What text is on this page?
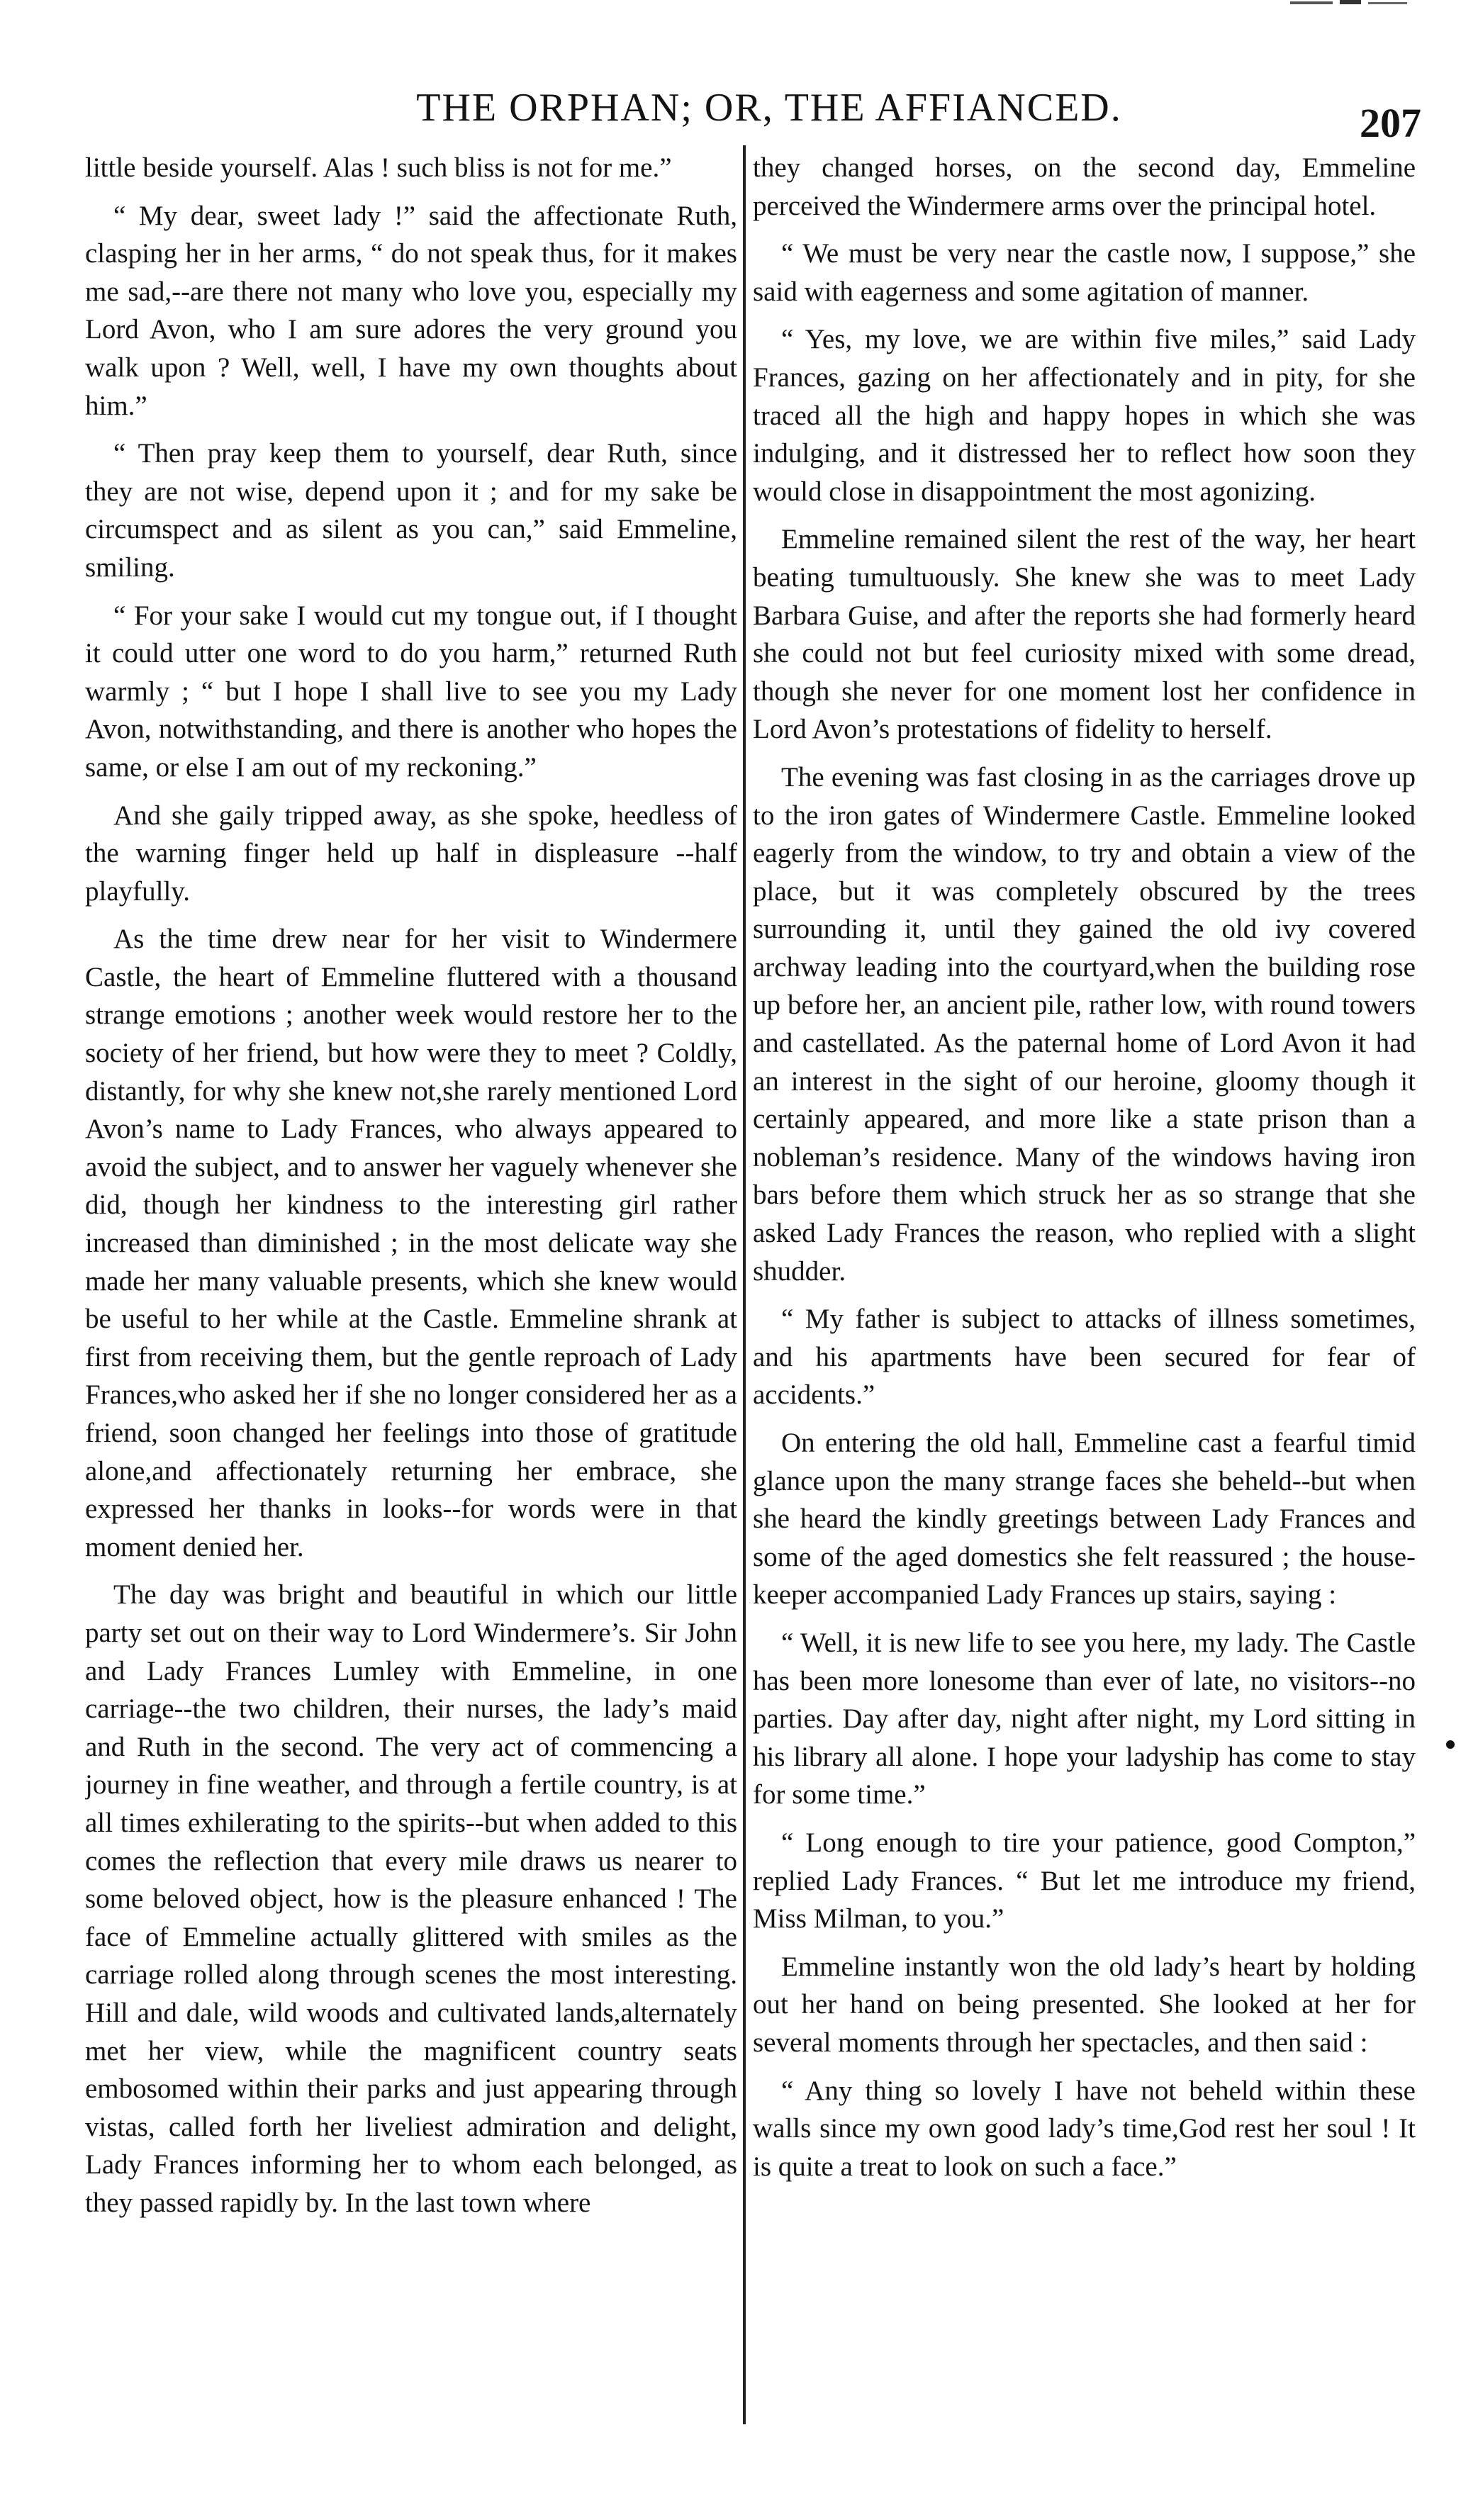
THE ORPHAN; OR, THE AFFIANCED.	207

little beside yourself. Alas ! such bliss is not for me.”

“ My dear, sweet lady !” said the affectionate Ruth, clasping her in her arms, “ do not speak thus, for it makes me sad,--are there not many who love you, especially my Lord Avon, who I am sure adores the very ground you walk upon ? Well, well, I have my own thoughts about him.”

“ Then pray keep them to yourself, dear Ruth, since they are not wise, depend upon it ; and for my sake be circumspect and as silent as you can,” said Emmeline, smiling.

“ For your sake I would cut my tongue out, if I thought it could utter one word to do you harm,” returned Ruth warmly ; “ but I hope I shall live to see you my Lady Avon, notwithstanding, and there is another who hopes the same, or else I am out of my reckoning.”

And she gaily tripped away, as she spoke, heedless of the warning finger held up half in displeasure --half playfully.

As the time drew near for her visit to Windermere Castle, the heart of Emmeline fluttered with a thousand strange emotions ; another week would restore her to the society of her friend, but how were they to meet ? Coldly, distantly, for why she knew not,she rarely mentioned Lord Avon’s name to Lady Frances, who always appeared to avoid the subject, and to answer her vaguely whenever she did, though her kindness to the interesting girl rather increased than diminished ; in the most delicate way she made her many valuable presents, which she knew would be useful to her while at the Castle. Emmeline shrank at first from receiving them, but the gentle reproach of Lady Frances,who asked her if she no longer considered her as a friend, soon changed her feelings into those of gratitude alone,and affectionately returning her embrace, she expressed her thanks in looks--for words were in that moment denied her.

The day was bright and beautiful in which our little party set out on their way to Lord Windermere’s. Sir John and Lady Frances Lumley with Emmeline, in one carriage--the two children, their nurses, the lady’s maid and Ruth in the second. The very act of commencing a journey in fine weather, and through a fertile country, is at all times exhilerating to the spirits--but when added to this comes the reflection that every mile draws us nearer to some beloved object, how is the pleasure enhanced ! The face of Emmeline actually glittered with smiles as the carriage rolled along through scenes the most interesting. Hill and dale, wild woods and cultivated lands,alternately met her view, while the magnificent country seats embosomed within their parks and just appearing through vistas, called forth her liveliest admiration and delight, Lady Frances informing her to whom each belonged, as they passed rapidly by. In the last town where

they changed horses, on the second day, Emmeline perceived the Windermere arms over the principal hotel.

“ We must be very near the castle now, I suppose,” she said with eagerness and some agitation of manner.

“ Yes, my love, we are within five miles,” said Lady Frances, gazing on her affectionately and in pity, for she traced all the high and happy hopes in which she was indulging, and it distressed her to reflect how soon they would close in disappointment the most agonizing.

Emmeline remained silent the rest of the way, her heart beating tumultuously. She knew she was to meet Lady Barbara Guise, and after the reports she had formerly heard she could not but feel curiosity mixed with some dread, though she never for one moment lost her confidence in Lord Avon’s protestations of fidelity to herself.

The evening was fast closing in as the carriages drove up to the iron gates of Windermere Castle. Emmeline looked eagerly from the window, to try and obtain a view of the place, but it was completely obscured by the trees surrounding it, until they gained the old ivy covered archway leading into the courtyard,when the building rose up before her, an ancient pile, rather low, with round towers and castellated. As the paternal home of Lord Avon it had an interest in the sight of our heroine, gloomy though it certainly appeared, and more like a state prison than a nobleman’s residence. Many of the windows having iron bars before them which struck her as so strange that she asked Lady Frances the reason, who replied with a slight shudder.

“ My father is subject to attacks of illness sometimes, and his apartments have been secured for fear of accidents.”

On entering the old hall, Emmeline cast a fearful timid glance upon the many strange faces she beheld--but when she heard the kindly greetings between Lady Frances and some of the aged domestics she felt reassured ; the house-keeper accompanied Lady Frances up stairs, saying :

“ Well, it is new life to see you here, my lady. The Castle has been more lonesome than ever of late, no visitors--no parties. Day after day, night after night, my Lord sitting in his library all alone. I hope your ladyship has come to stay for some time.”

“ Long enough to tire your patience, good Compton,” replied Lady Frances. “ But let me introduce my friend, Miss Milman, to you.”

Emmeline instantly won the old lady’s heart by holding out her hand on being presented. She looked at her for several moments through her spectacles, and then said :

“ Any thing so lovely I have not beheld within these walls since my own good lady’s time,God rest her soul ! It is quite a treat to look on such a face.”
